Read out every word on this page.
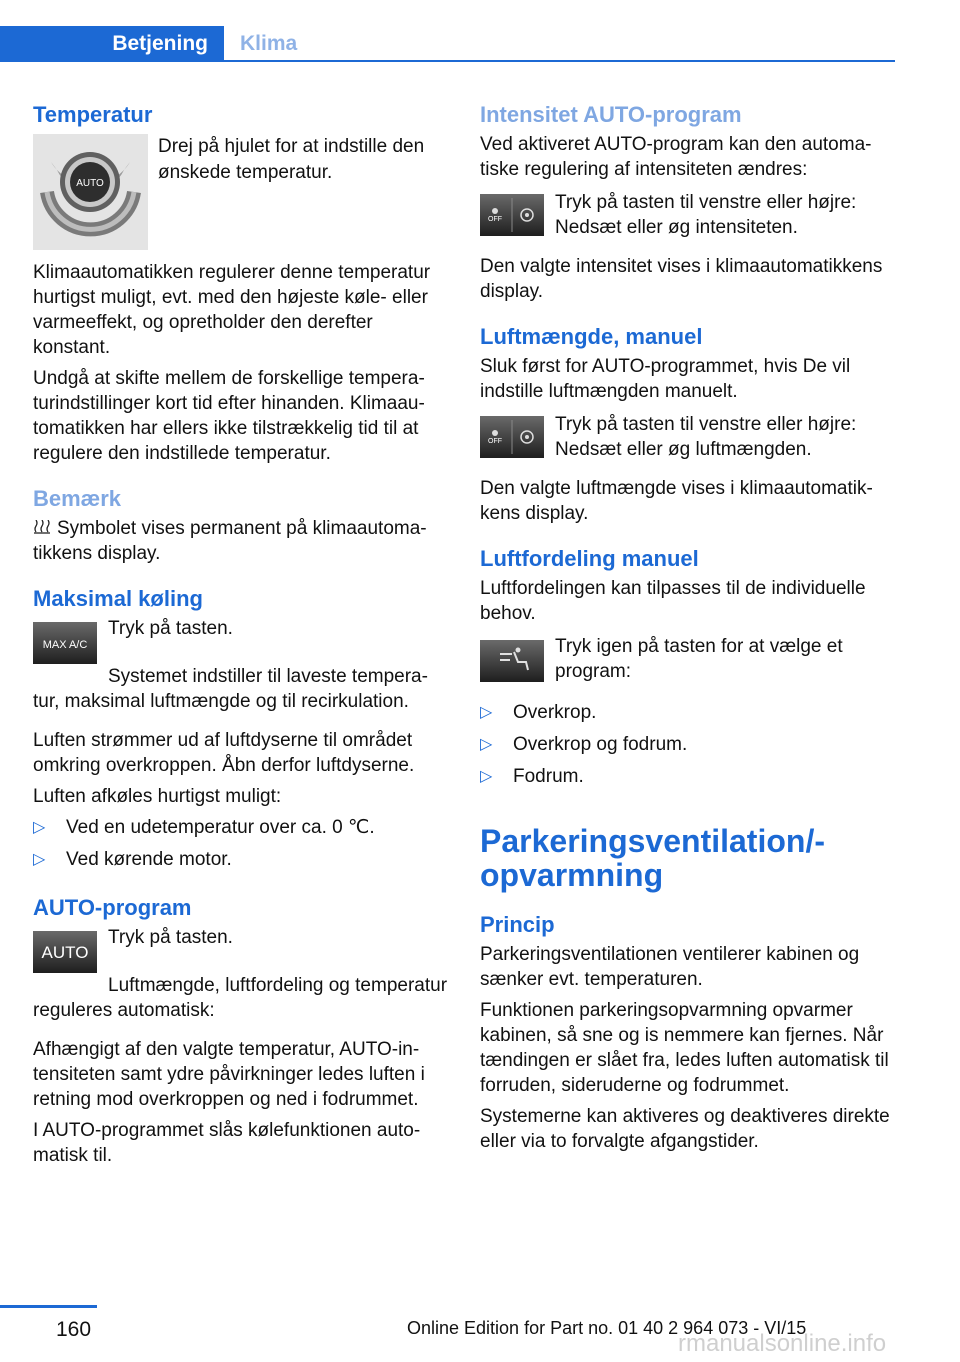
Betjening	Klima
Temperatur
AUTO

Drej på hjulet for at indstille den ønskede temperatur.

Klimaautomatikken regulerer denne temperatur hurtigst muligt, evt. med den højeste køle- eller varmeeffekt, og opretholder den derefter konstant.

Undgå at skifte mellem de forskellige temperaturindstillinger kort tid efter hinanden. Klimaautomatikken har ellers ikke tilstrækkelig tid til at regulere den indstillede temperatur.

Bemærk

Symbolet vises permanent på klimaautomatikkens display.

Maksimal køling
MAX A/C

Tryk på tasten.

Systemet indstiller til laveste temperatur, maksimal luftmængde og til recirkulation.

Luften strømmer ud af luftdyserne til området omkring overkroppen. Åbn derfor luftdyserne.

Luften afkøles hurtigst muligt:

▷ Ved en udetemperatur over ca. 0 ℃.
▷ Ved kørende motor.
AUTO-program
AUTO

Tryk på tasten.

Luftmængde, luftfordeling og temperatur reguleres automatisk:

Afhængigt af den valgte temperatur, AUTO-intensiteten samt ydre påvirkninger ledes luften i retning mod overkroppen og ned i fodrummet.

I AUTO-programmet slås kølefunktionen automatisk til.

Intensitet AUTO-program

Ved aktiveret AUTO-program kan den automatiske regulering af intensiteten ændres:

OFF

Tryk på tasten til venstre eller højre: Nedsæt eller øg intensiteten.

Den valgte intensitet vises i klimaautomatikkens display.

Luftmængde, manuel

Sluk først for AUTO-programmet, hvis De vil indstille luftmængden manuelt.

OFF

Tryk på tasten til venstre eller højre: Nedsæt eller øg luftmængden.

Den valgte luftmængde vises i klimaautomatikkens display.

Luftfordeling manuel

Luftfordelingen kan tilpasses til de individuelle behov.

Tryk igen på tasten for at vælge et program:

▷ Overkrop.
▷ Overkrop og fodrum.
▷ Fodrum.
Parkeringsventilation/-opvarmning
Princip

Parkeringsventilationen ventilerer kabinen og sænker evt. temperaturen.

Funktionen parkeringsopvarmning opvarmer kabinen, så sne og is nemmere kan fjernes. Når tændingen er slået fra, ledes luften automatisk til forruden, sideruderne og fodrummet.

Systemerne kan aktiveres og deaktiveres direkte eller via to forvalgte afgangstider.

160	Online Edition for Part no. 01 40 2 964 073 - VI/15
rmanualsonline.info
